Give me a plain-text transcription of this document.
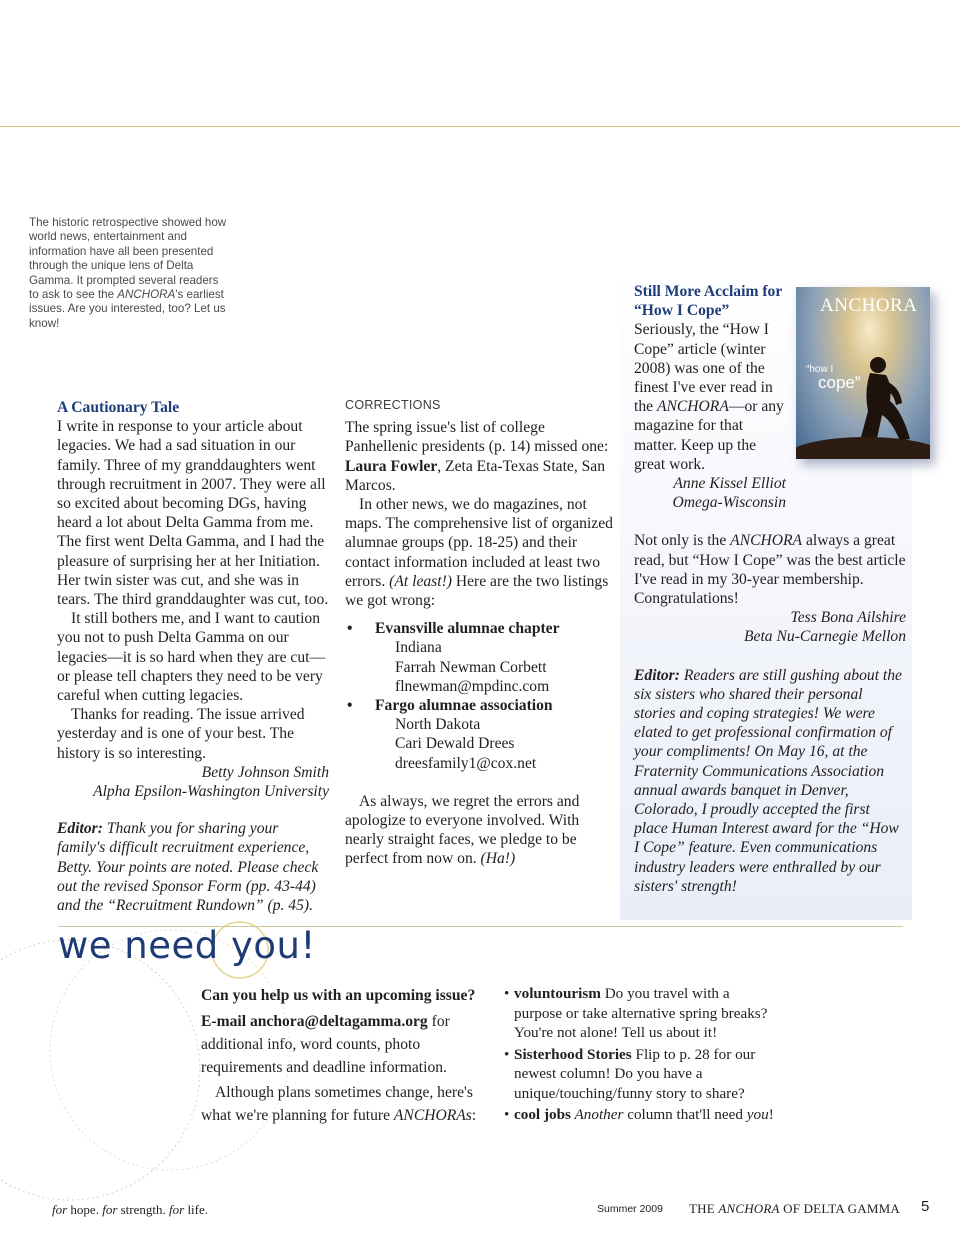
The historic retrospective showed how world news, entertainment and information have all been presented through the unique lens of Delta Gamma. It prompted several readers to ask to see the ANCHORA's earliest issues. Are you interested, too? Let us know!
A Cautionary Tale

I write in response to your article about legacies. We had a sad situation in our family. Three of my granddaughters went through recruitment in 2007. They were all so excited about becoming DGs, having heard a lot about Delta Gamma from me. The first went Delta Gamma, and I had the pleasure of surprising her at her Initiation. Her twin sister was cut, and she was in tears. The third granddaughter was cut, too.

It still bothers me, and I want to caution you not to push Delta Gamma on our legacies—it is so hard when they are cut—or please tell chapters they need to be very careful when cutting legacies.

Thanks for reading. The issue arrived yesterday and is one of your best. The history is so interesting.

Betty Johnson Smith

Alpha Epsilon-Washington University

Editor: Thank you for sharing your family's difficult recruitment experience, Betty. Your points are noted. Please check out the revised Sponsor Form (pp. 43-44) and the “Recruitment Rundown” (p. 45).

CORRECTIONS

The spring issue's list of college Panhellenic presidents (p. 14) missed one: Laura Fowler, Zeta Eta-Texas State, San Marcos.

In other news, we do magazines, not maps. The comprehensive list of organized alumnae groups (pp. 18-25) and their contact information included at least two errors. (At least!) Here are the two listings we got wrong:

• Evansville alumnae chapter
Indiana
Farrah Newman Corbett
flnewman@mpdinc.com
• Fargo alumnae association
North Dakota
Cari Dewald Drees
dreesfamily1@cox.net

As always, we regret the errors and apologize to everyone involved. With nearly straight faces, we pledge to be perfect from now on. (Ha!)

Still More Acclaim for
“How I Cope”

Seriously, the “How I Cope” article (winter 2008) was one of the finest I've ever read in the ANCHORA—or any magazine for that matter. Keep up the great work.

Anne Kissel Elliot

Omega-Wisconsin

Not only is the ANCHORA always a great read, but “How I Cope” was the best article I've read in my 30-year membership. Congratulations!

Tess Bona Ailshire

Beta Nu-Carnegie Mellon

Editor: Readers are still gushing about the six sisters who shared their personal stories and coping strategies! We were elated to get professional confirmation of your compliments! On May 16, at the Fraternity Communications Association annual awards banquet in Denver, Colorado, I proudly accepted the first place Human Interest award for the “How I Cope” feature. Even communications industry leaders were enthralled by our sisters' strength!

ANCHORA
“how I
cope”
we need you!

Can you help us with an upcoming issue?

E-mail anchora@deltagamma.org for additional info, word counts, photo requirements and deadline information.

Although plans sometimes change, here's what we're planning for future ANCHORAs:

• voluntourism Do you travel with a purpose or take alternative spring breaks? You're not alone! Tell us about it!
• Sisterhood Stories Flip to p. 28 for our newest column! Do you have a unique/touching/funny story to share?
• cool jobs Another column that'll need you!
for hope. for strength. for life.	Summer 2009 THE ANCHORA OF DELTA GAMMA 5
